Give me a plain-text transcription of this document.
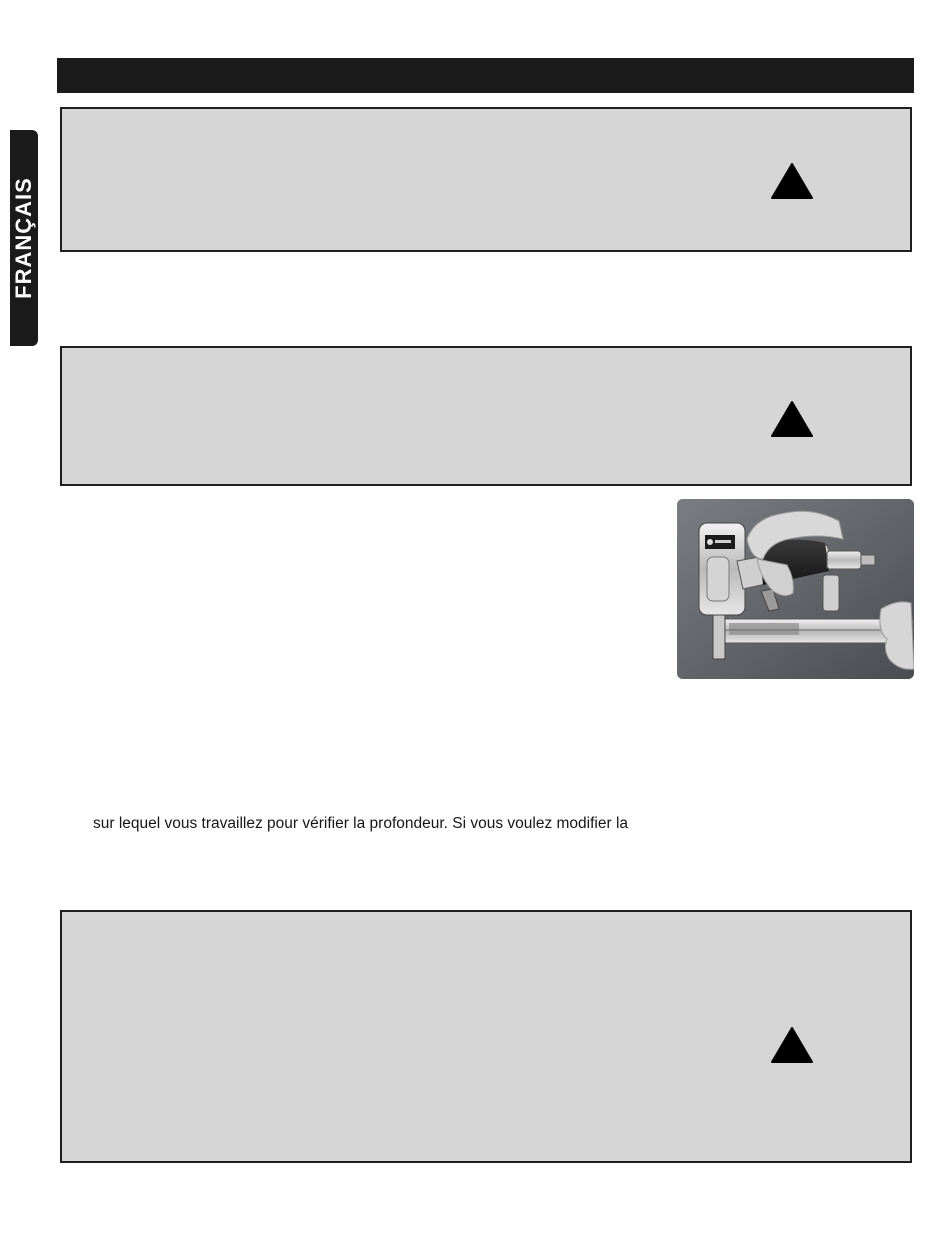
FRANÇAIS

sur lequel vous travaillez pour vérifier la profondeur. Si vous voulez modifier la
